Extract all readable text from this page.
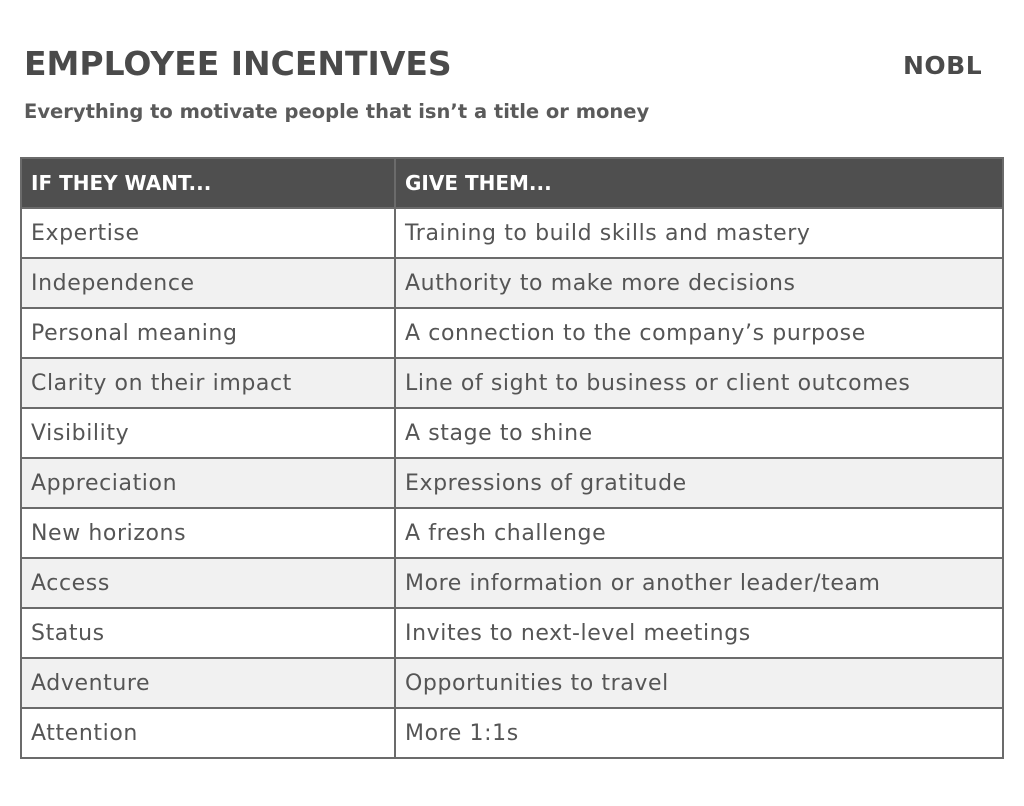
EMPLOYEE INCENTIVES	NOBL
Everything to motivate people that isn’t a title or money
IF THEY WANT...	GIVE THEM...
Expertise	Training to build skills and mastery
Independence	Authority to make more decisions
Personal meaning	A connection to the company’s purpose
Clarity on their impact	Line of sight to business or client outcomes
Visibility	A stage to shine
Appreciation	Expressions of gratitude
New horizons	A fresh challenge
Access	More information or another leader/team
Status	Invites to next-level meetings
Adventure	Opportunities to travel
Attention	More 1:1s
